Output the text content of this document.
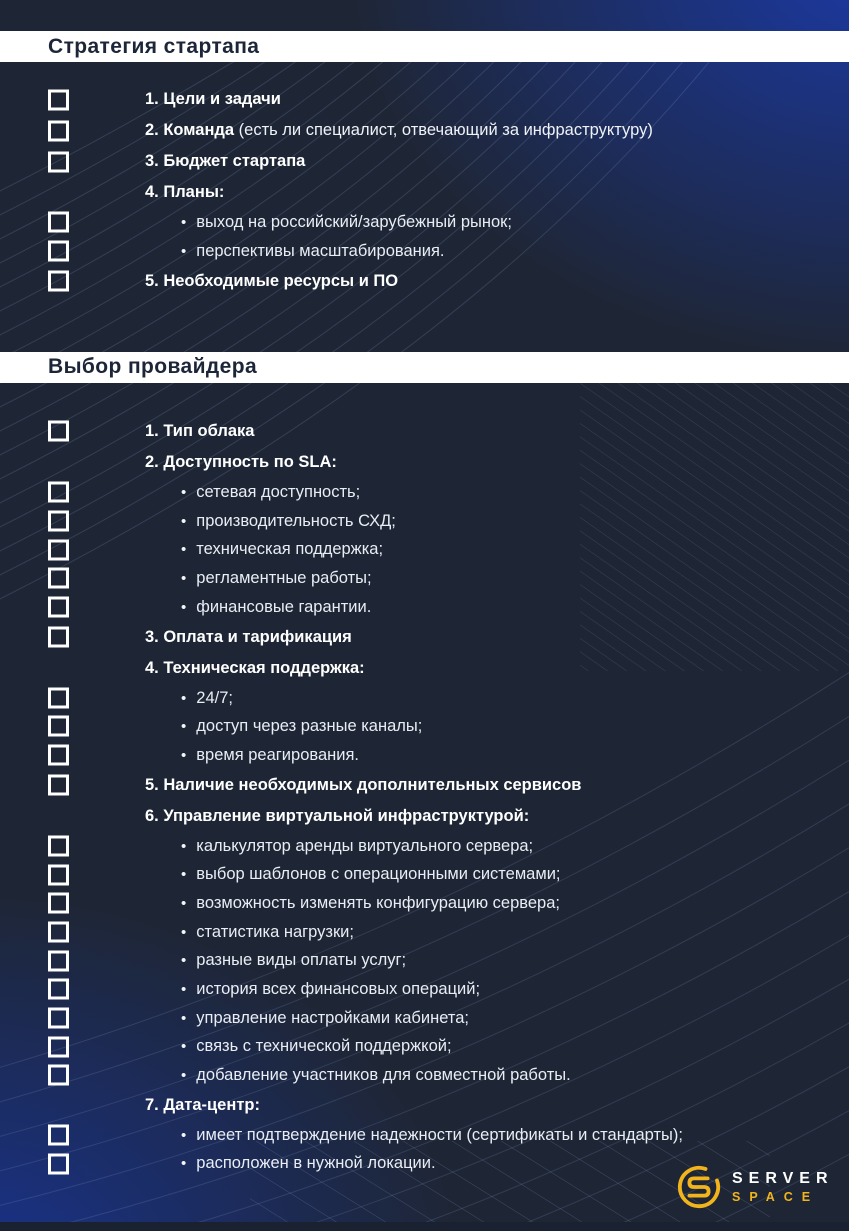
Стратегия стартапа
1. Цели и задачи
2. Команда (есть ли специалист, отвечающий за инфраструктуру)
3. Бюджет стартапа
4. Планы:
• выход на российский/зарубежный рынок;
• перспективы масштабирования.
5. Необходимые ресурсы и ПО
Выбор провайдера
1. Тип облака
2. Доступность по SLA:
• сетевая доступность;
• производительность СХД;
• техническая поддержка;
• регламентные работы;
• финансовые гарантии.
3. Оплата и тарификация
4. Техническая поддержка:
• 24/7;
• доступ через разные каналы;
• время реагирования.
5. Наличие необходимых дополнительных сервисов
6. Управление виртуальной инфраструктурой:
• калькулятор аренды виртуального сервера;
• выбор шаблонов с операционными системами;
• возможность изменять конфигурацию сервера;
• статистика нагрузки;
• разные виды оплаты услуг;
• история всех финансовых операций;
• управление настройками кабинета;
• связь с технической поддержкой;
• добавление участников для совместной работы.
7. Дата-центр:
• имеет подтверждение надежности (сертификаты и стандарты);
• расположен в нужной локации.
SERVER
SPACE
